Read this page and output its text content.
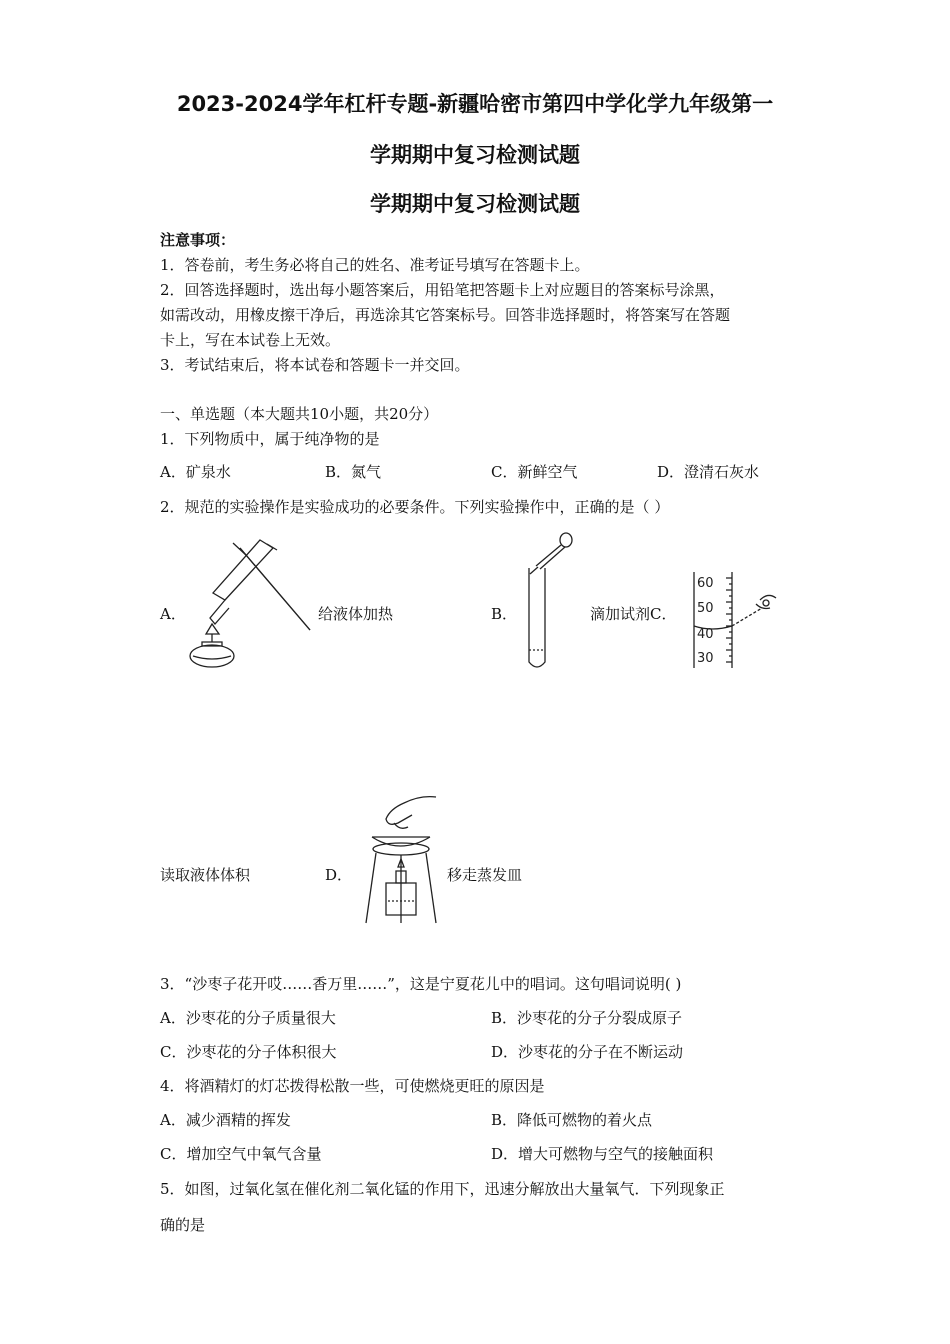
2023-2024学年杠杆专题-新疆哈密市第四中学化学九年级第一
学期期中复习检测试题
学期期中复习检测试题
注意事项：
1．答卷前，考生务必将自己的姓名、准考证号填写在答题卡上。
2．回答选择题时，选出每小题答案后，用铅笔把答题卡上对应题目的答案标号涂黑，
如需改动，用橡皮擦干净后，再选涂其它答案标号。回答非选择题时，将答案写在答题
卡上，写在本试卷上无效。
3．考试结束后，将本试卷和答题卡一并交回。
一、单选题（本大题共10小题，共20分）
1．下列物质中，属于纯净物的是
A．矿泉水	B．氮气	C．新鲜空气	D．澄清石灰水
2．规范的实验操作是实验成功的必要条件。下列实验操作中，正确的是（ ）
A．	给液体加热	B．	滴加试剂C．
60
50
40
30
读取液体体积	D．	移走蒸发皿
3．“沙枣子花开哎……香万里……”，这是宁夏花儿中的唱词。这句唱词说明( )
A．沙枣花的分子质量很大	B．沙枣花的分子分裂成原子
C．沙枣花的分子体积很大	D．沙枣花的分子在不断运动
4．将酒精灯的灯芯拨得松散一些，可使燃烧更旺的原因是
A．减少酒精的挥发	B．降低可燃物的着火点
C．增加空气中氧气含量	D．增大可燃物与空气的接触面积
5．如图，过氧化氢在催化剂二氧化锰的作用下，迅速分解放出大量氧气．下列现象正
确的是
